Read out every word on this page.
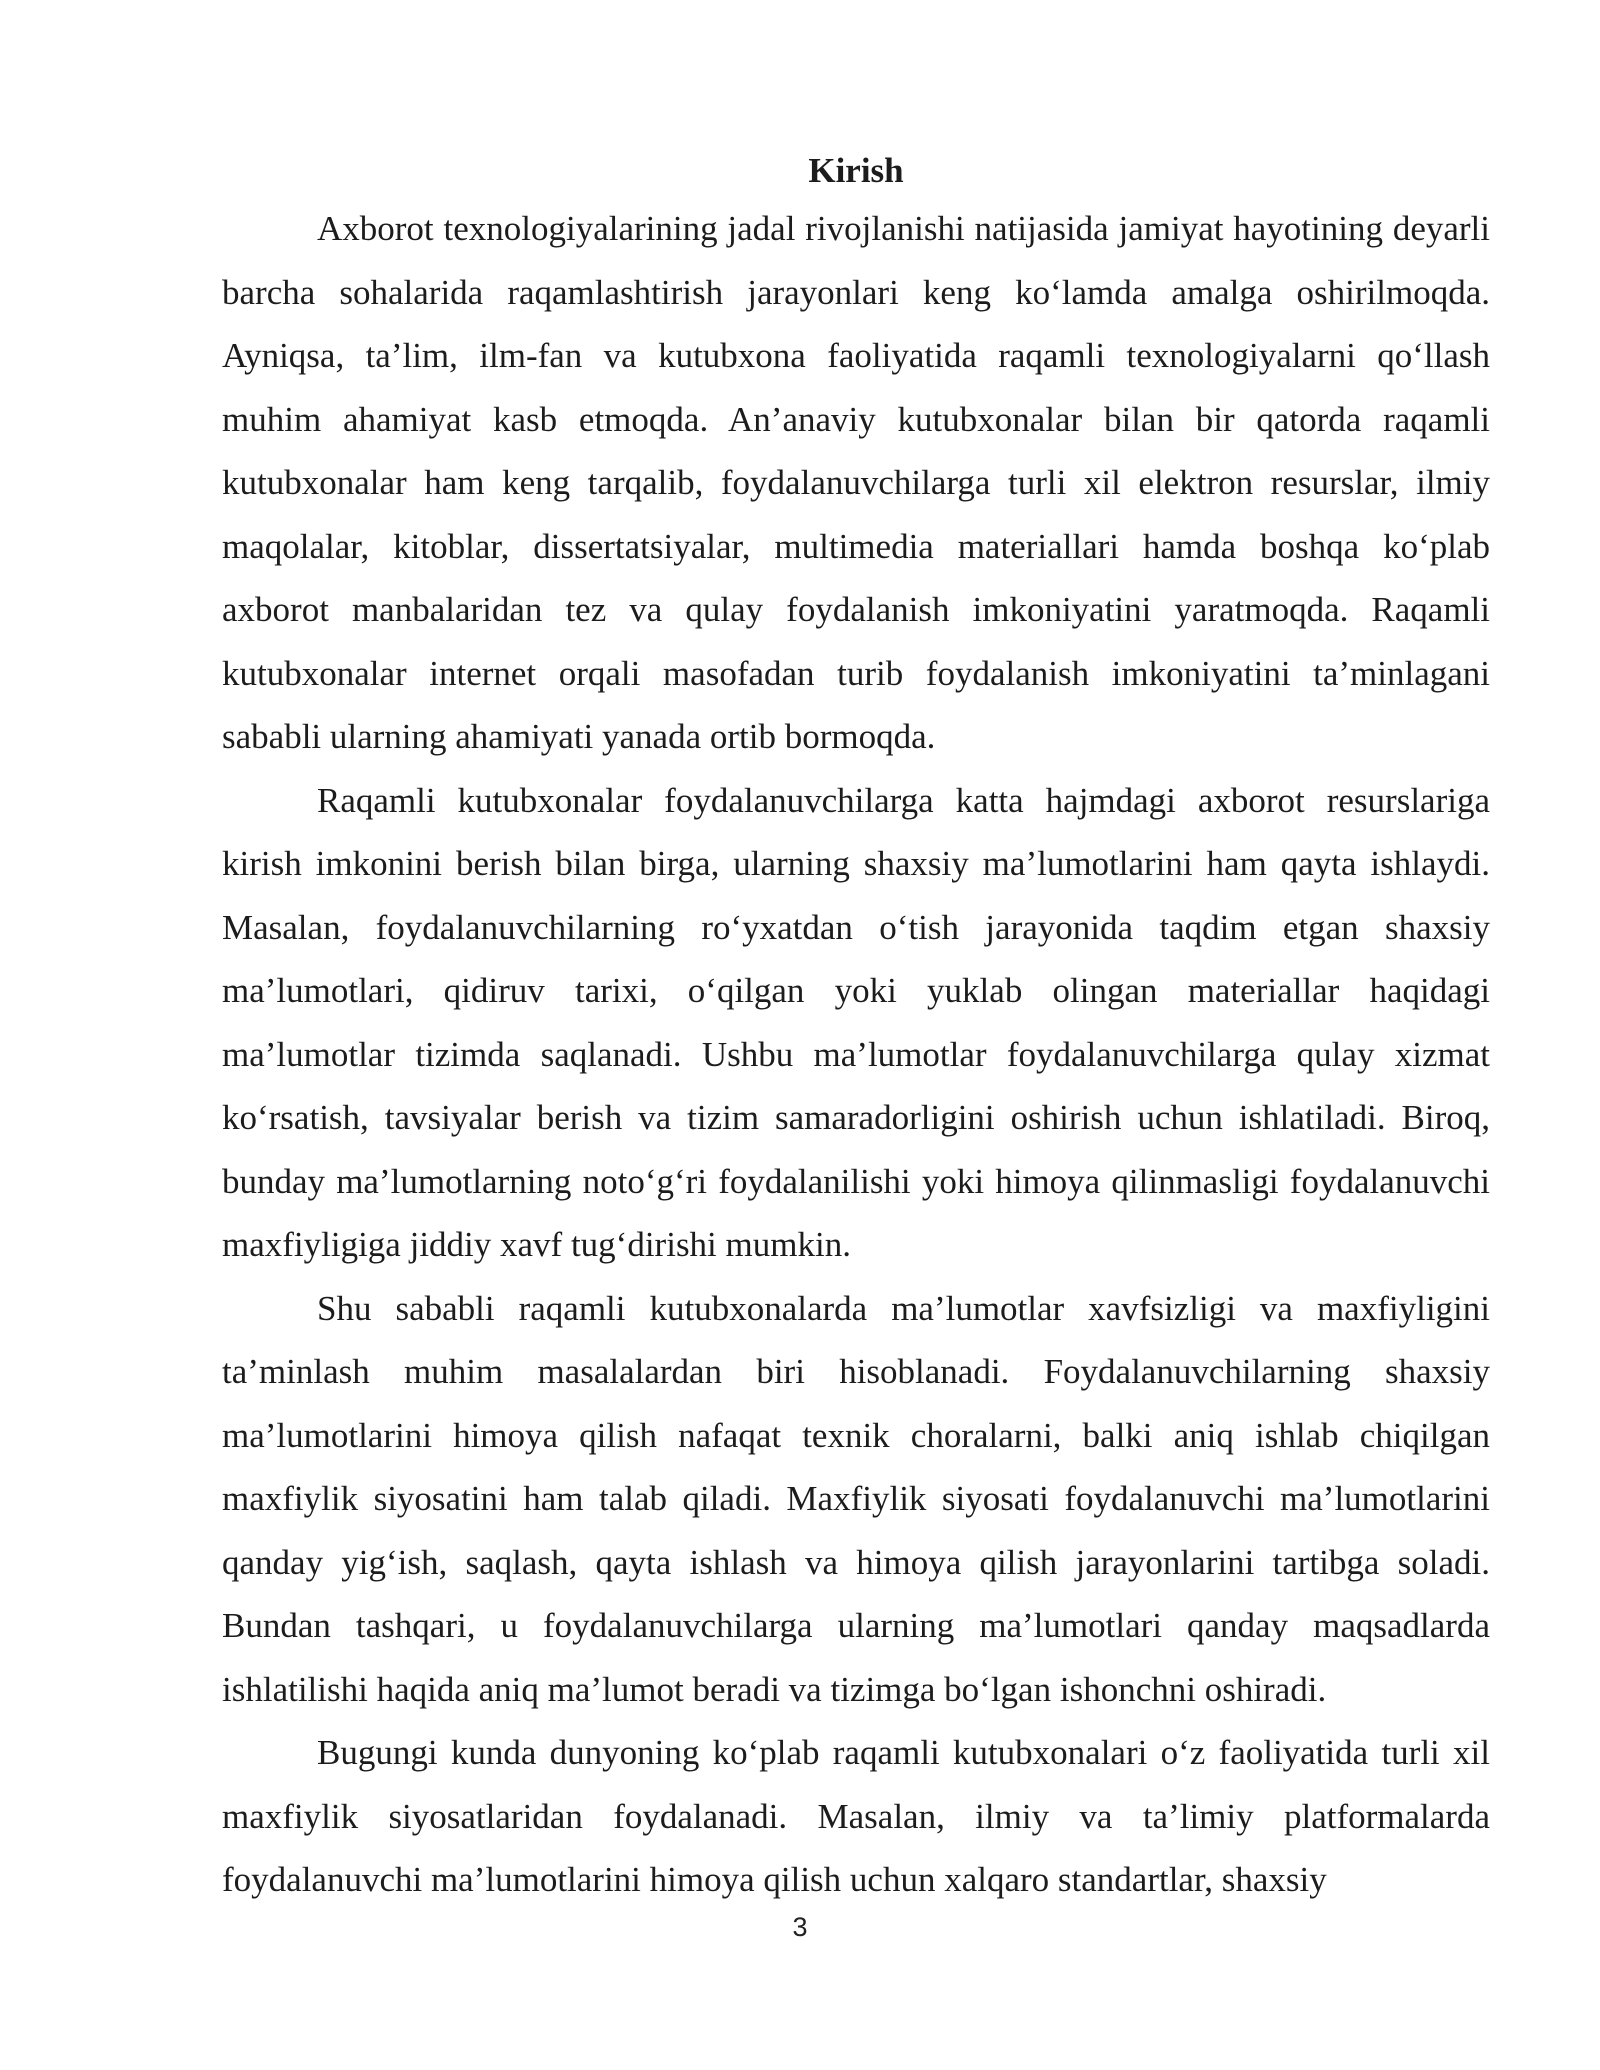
Kirish

Axborot texnologiyalarining jadal rivojlanishi natijasida jamiyat hayotining deyarli barcha sohalarida raqamlashtirish jarayonlari keng ko‘lamda amalga oshirilmoqda. Ayniqsa, ta’lim, ilm-fan va kutubxona faoliyatida raqamli texnologiyalarni qo‘llash muhim ahamiyat kasb etmoqda. An’anaviy kutubxonalar bilan bir qatorda raqamli kutubxonalar ham keng tarqalib, foydalanuvchilarga turli xil elektron resurslar, ilmiy maqolalar, kitoblar, dissertatsiyalar, multimedia materiallari hamda boshqa ko‘plab axborot manbalaridan tez va qulay foydalanish imkoniyatini yaratmoqda. Raqamli kutubxonalar internet orqali masofadan turib foydalanish imkoniyatini ta’minlagani sababli ularning ahamiyati yanada ortib bormoqda.

Raqamli kutubxonalar foydalanuvchilarga katta hajmdagi axborot resurslariga kirish imkonini berish bilan birga, ularning shaxsiy ma’lumotlarini ham qayta ishlaydi. Masalan, foydalanuvchilarning ro‘yxatdan o‘tish jarayonida taqdim etgan shaxsiy ma’lumotlari, qidiruv tarixi, o‘qilgan yoki yuklab olingan materiallar haqidagi ma’lumotlar tizimda saqlanadi. Ushbu ma’lumotlar foydalanuvchilarga qulay xizmat ko‘rsatish, tavsiyalar berish va tizim samaradorligini oshirish uchun ishlatiladi. Biroq, bunday ma’lumotlarning noto‘g‘ri foydalanilishi yoki himoya qilinmasligi foydalanuvchi maxfiyligiga jiddiy xavf tug‘dirishi mumkin.

Shu sababli raqamli kutubxonalarda ma’lumotlar xavfsizligi va maxfiyligini ta’minlash muhim masalalardan biri hisoblanadi. Foydalanuvchilarning shaxsiy ma’lumotlarini himoya qilish nafaqat texnik choralarni, balki aniq ishlab chiqilgan maxfiylik siyosatini ham talab qiladi. Maxfiylik siyosati foydalanuvchi ma’lumotlarini qanday yig‘ish, saqlash, qayta ishlash va himoya qilish jarayonlarini tartibga soladi. Bundan tashqari, u foydalanuvchilarga ularning ma’lumotlari qanday maqsadlarda ishlatilishi haqida aniq ma’lumot beradi va tizimga bo‘lgan ishonchni oshiradi.

Bugungi kunda dunyoning ko‘plab raqamli kutubxonalari o‘z faoliyatida turli xil maxfiylik siyosatlaridan foydalanadi. Masalan, ilmiy va ta’limiy platformalarda foydalanuvchi ma’lumotlarini himoya qilish uchun xalqaro standartlar, shaxsiy

3
